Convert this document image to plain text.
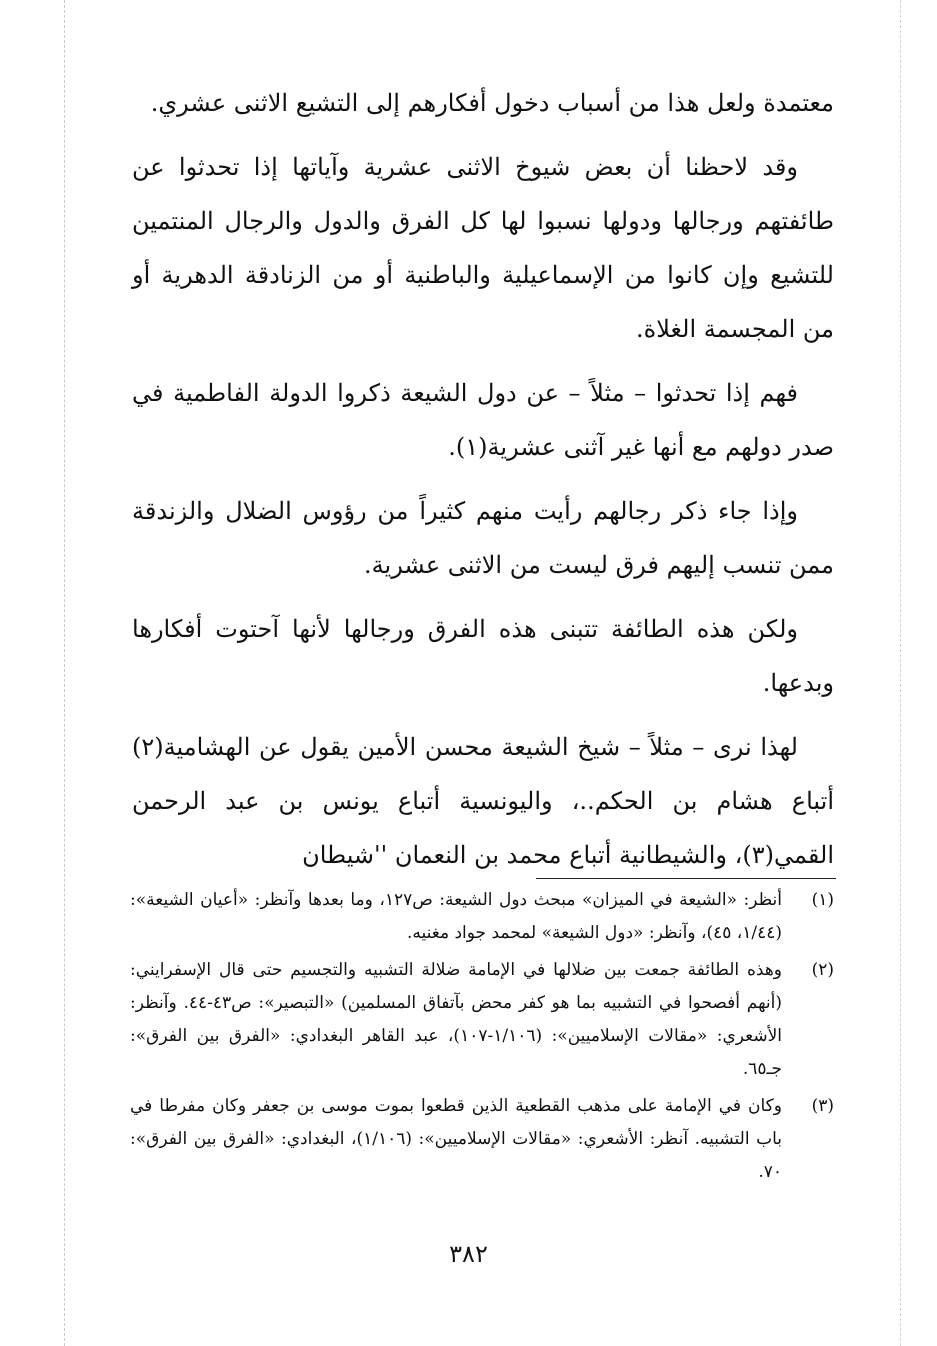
معتمدة ولعل هذا من أسباب دخول أفكارهم إلى التشيع الاثنى عشري.

وقد لاحظنا أن بعض شيوخ الاثنى عشرية وآياتها إذا تحدثوا عن طائفتهم ورجالها ودولها نسبوا لها كل الفرق والدول والرجال المنتمين للتشيع وإن كانوا من الإسماعيلية والباطنية أو من الزنادقة الدهرية أو من المجسمة الغلاة.

فهم إذا تحدثوا – مثلاً – عن دول الشيعة ذكروا الدولة الفاطمية في صدر دولهم مع أنها غير آثنى عشرية(١).

وإذا جاء ذكر رجالهم رأيت منهم كثيراً من رؤوس الضلال والزندقة ممن تنسب إليهم فرق ليست من الاثنى عشرية.

ولكن هذه الطائفة تتبنى هذه الفرق ورجالها لأنها آحتوت أفكارها وبدعها.

لهذا نرى – مثلاً – شيخ الشيعة محسن الأمين يقول عن الهشامية(٢) أتباع هشام بن الحكم..، واليونسية أتباع يونس بن عبد الرحمن القمي(٣)، والشيطانية أتباع محمد بن النعمان ''شيطان

(١)
أنظر: «الشيعة في الميزان» مبحث دول الشيعة: ص١٢٧، وما بعدها وآنظر: «أعيان الشيعة»: (١/٤٤، ٤٥)، وآنظر: «دول الشيعة» لمحمد جواد مغنيه.
(٢)
وهذه الطائفة جمعت بين ضلالها في الإمامة ضلالة التشبيه والتجسيم حتى قال الإسفرايني: (أنهم أفصحوا في التشبيه بما هو كفر محض بآتفاق المسلمين) «التبصير»: ص٤٣-٤٤. وآنظر: الأشعري: «مقالات الإسلاميين»: (١/١٠٦-١٠٧)، عبد القاهر البغدادي: «الفرق بين الفرق»: جـ٦٥.
(٣)
وكان في الإمامة على مذهب القطعية الذين قطعوا بموت موسى بن جعفر وكان مفرطا في باب التشبيه. آنظر: الأشعري: «مقالات الإسلاميين»: (١/١٠٦)، البغدادي: «الفرق بين الفرق»: ٧٠.
٣٨٢
